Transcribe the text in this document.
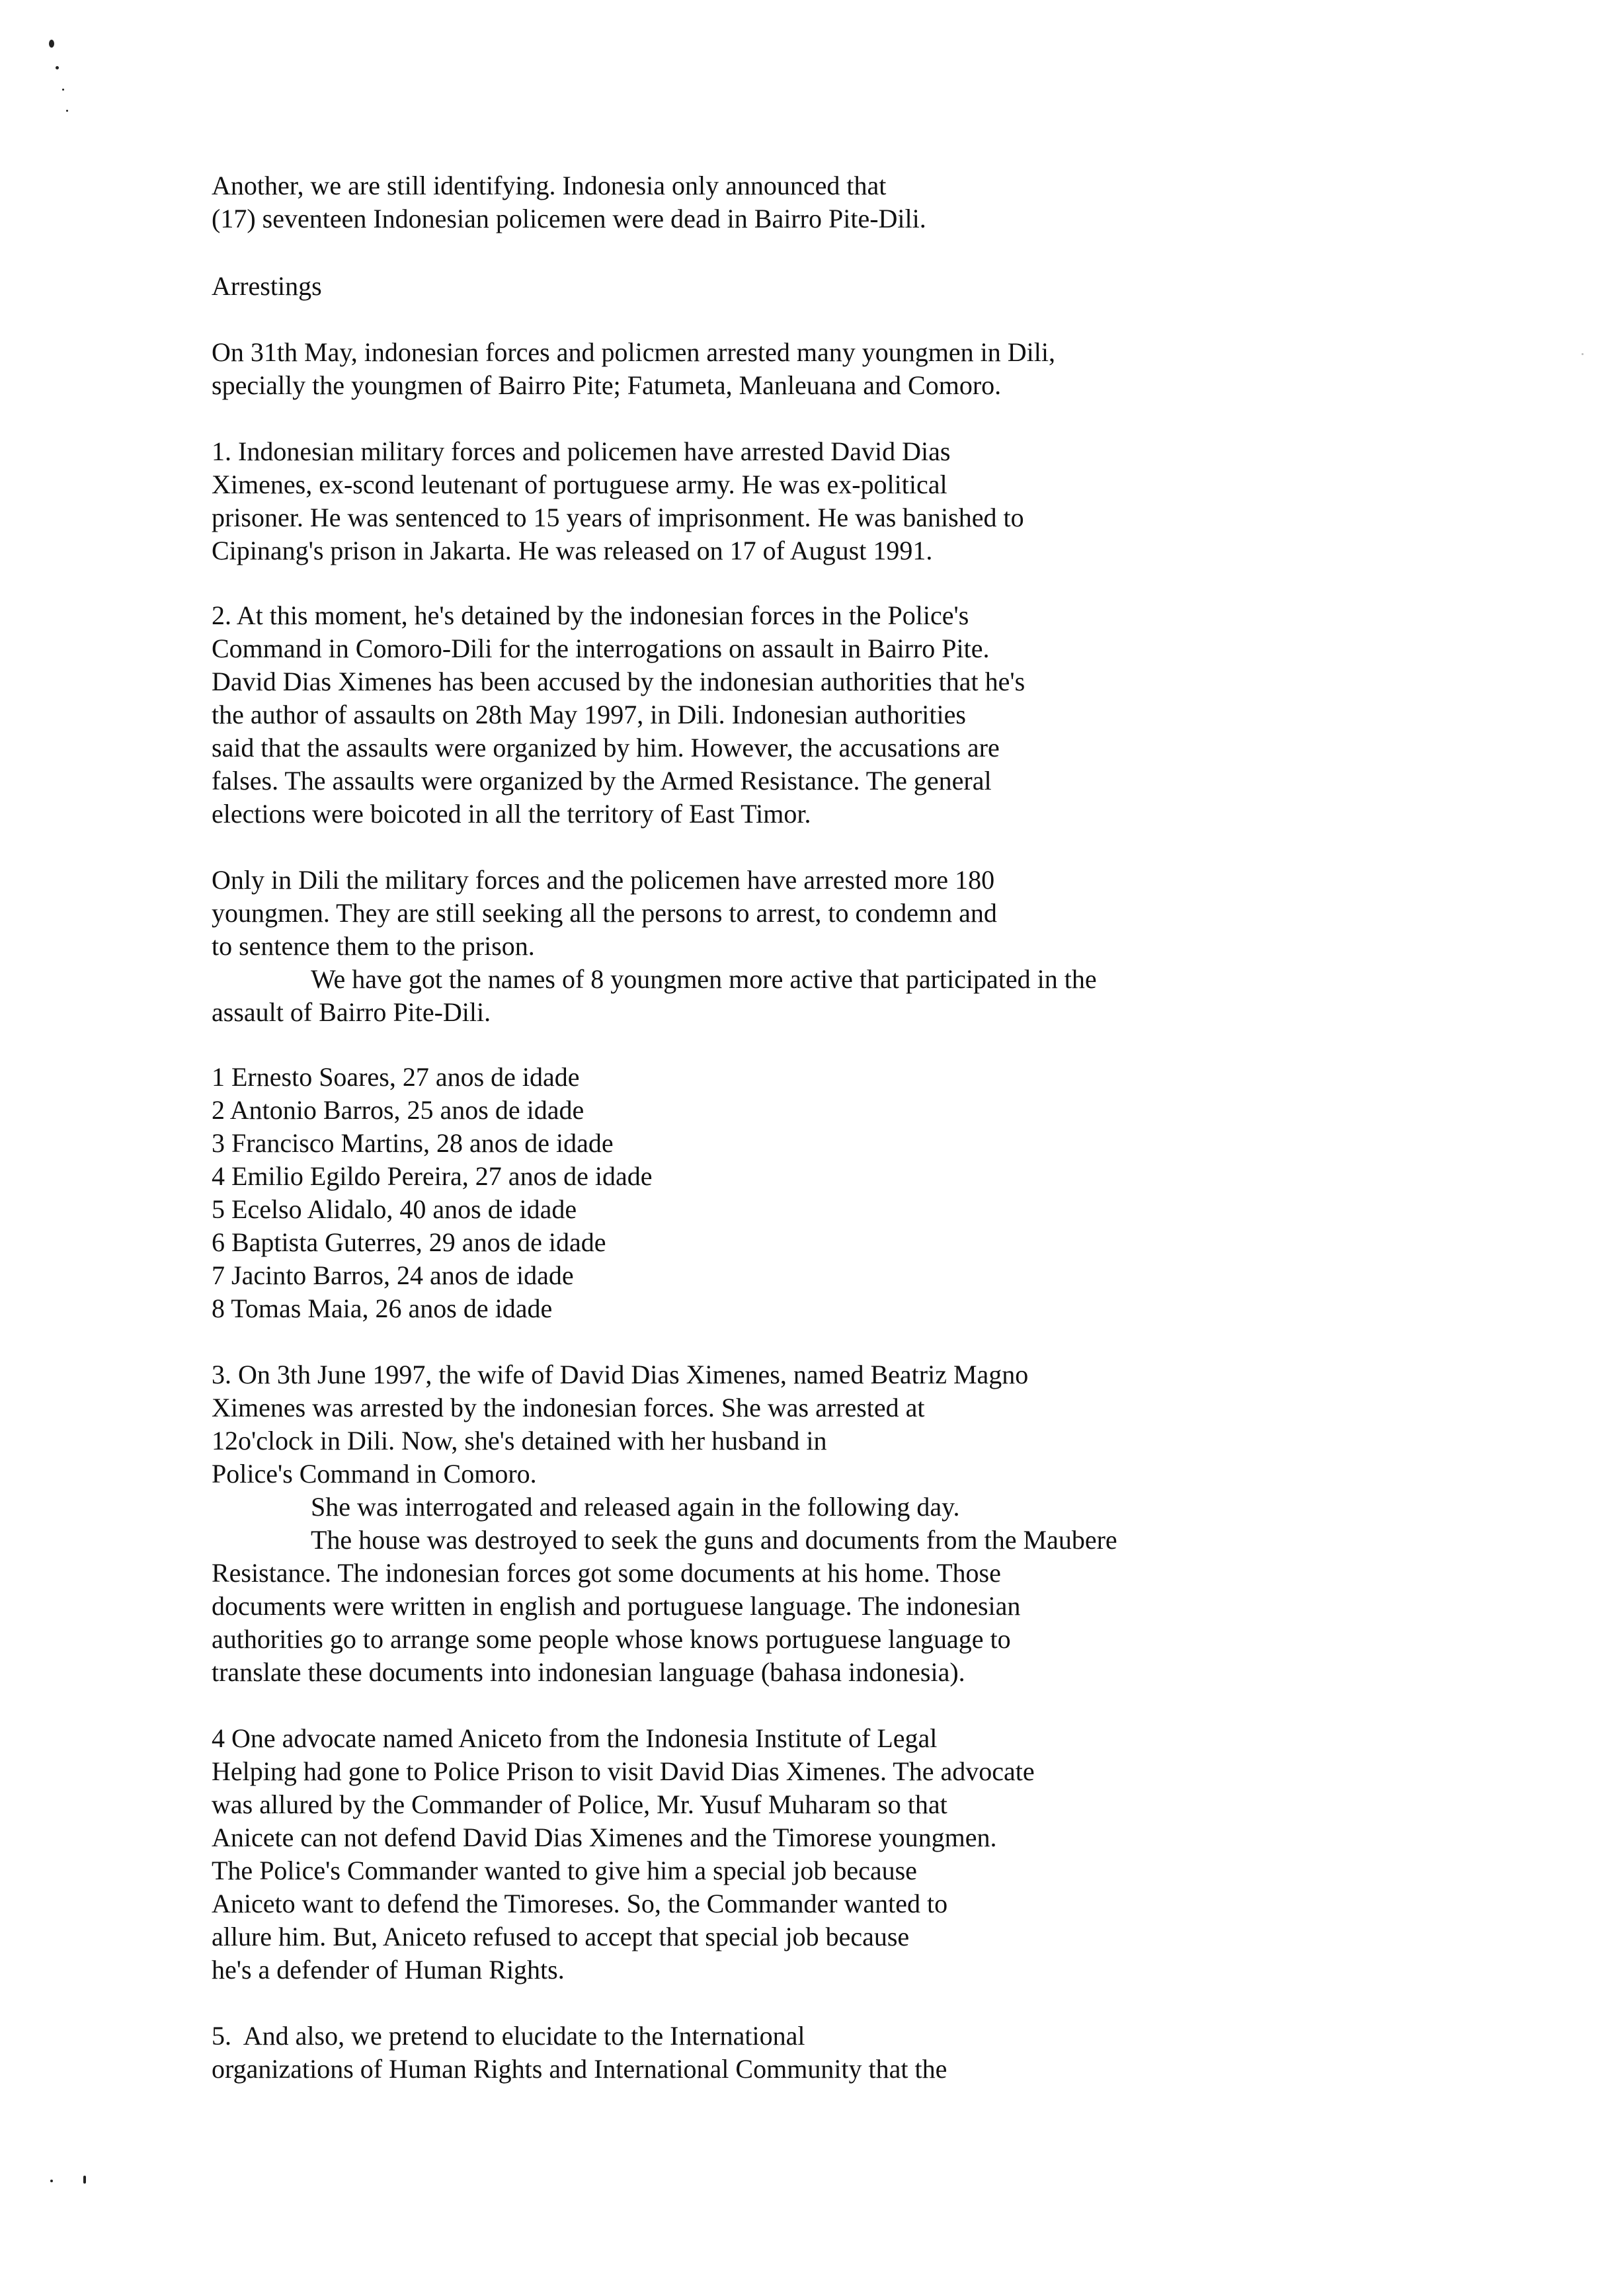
Another, we are still identifying. Indonesia only announced that
(17) seventeen Indonesian policemen were dead in Bairro Pite-Dili.
Arrestings
On 31th May, indonesian forces and policmen arrested many youngmen in Dili,
specially the youngmen of Bairro Pite; Fatumeta, Manleuana and Comoro.
1. Indonesian military forces and policemen have arrested David Dias
Ximenes, ex-scond leutenant of portuguese army. He was ex-political
prisoner. He was sentenced to 15 years of imprisonment. He was banished to
Cipinang's prison in Jakarta. He was released on 17 of August 1991.
2. At this moment, he's detained by the indonesian forces in the Police's
Command in Comoro-Dili for the interrogations on assault in Bairro Pite.
David Dias Ximenes has been accused by the indonesian authorities that he's
the author of assaults on 28th May 1997, in Dili. Indonesian authorities
said that the assaults were organized by him. However, the accusations are
falses. The assaults were organized by the Armed Resistance. The general
elections were boicoted in all the territory of East Timor.
Only in Dili the military forces and the policemen have arrested more 180
youngmen. They are still seeking all the persons to arrest, to condemn and
to sentence them to the prison.
We have got the names of 8 youngmen more active that participated in the
assault of Bairro Pite-Dili.
1 Ernesto Soares, 27 anos de idade
2 Antonio Barros, 25 anos de idade
3 Francisco Martins, 28 anos de idade
4 Emilio Egildo Pereira, 27 anos de idade
5 Ecelso Alidalo, 40 anos de idade
6 Baptista Guterres, 29 anos de idade
7 Jacinto Barros, 24 anos de idade
8 Tomas Maia, 26 anos de idade
3. On 3th June 1997, the wife of David Dias Ximenes, named Beatriz Magno
Ximenes was arrested by the indonesian forces. She was arrested at
12o'clock in Dili. Now, she's detained with her husband in
Police's Command in Comoro.
She was interrogated and released again in the following day.
The house was destroyed to seek the guns and documents from the Maubere
Resistance. The indonesian forces got some documents at his home. Those
documents were written in english and portuguese language. The indonesian
authorities go to arrange some people whose knows portuguese language to
translate these documents into indonesian language (bahasa indonesia).
4 One advocate named Aniceto from the Indonesia Institute of Legal
Helping had gone to Police Prison to visit David Dias Ximenes. The advocate
was allured by the Commander of Police, Mr. Yusuf Muharam so that
Anicete can not defend David Dias Ximenes and the Timorese youngmen.
The Police's Commander wanted to give him a special job because
Aniceto want to defend the Timoreses. So, the Commander wanted to
allure him. But, Aniceto refused to accept that special job because
he's a defender of Human Rights.
5.  And also, we pretend to elucidate to the International
organizations of Human Rights and International Community that the
